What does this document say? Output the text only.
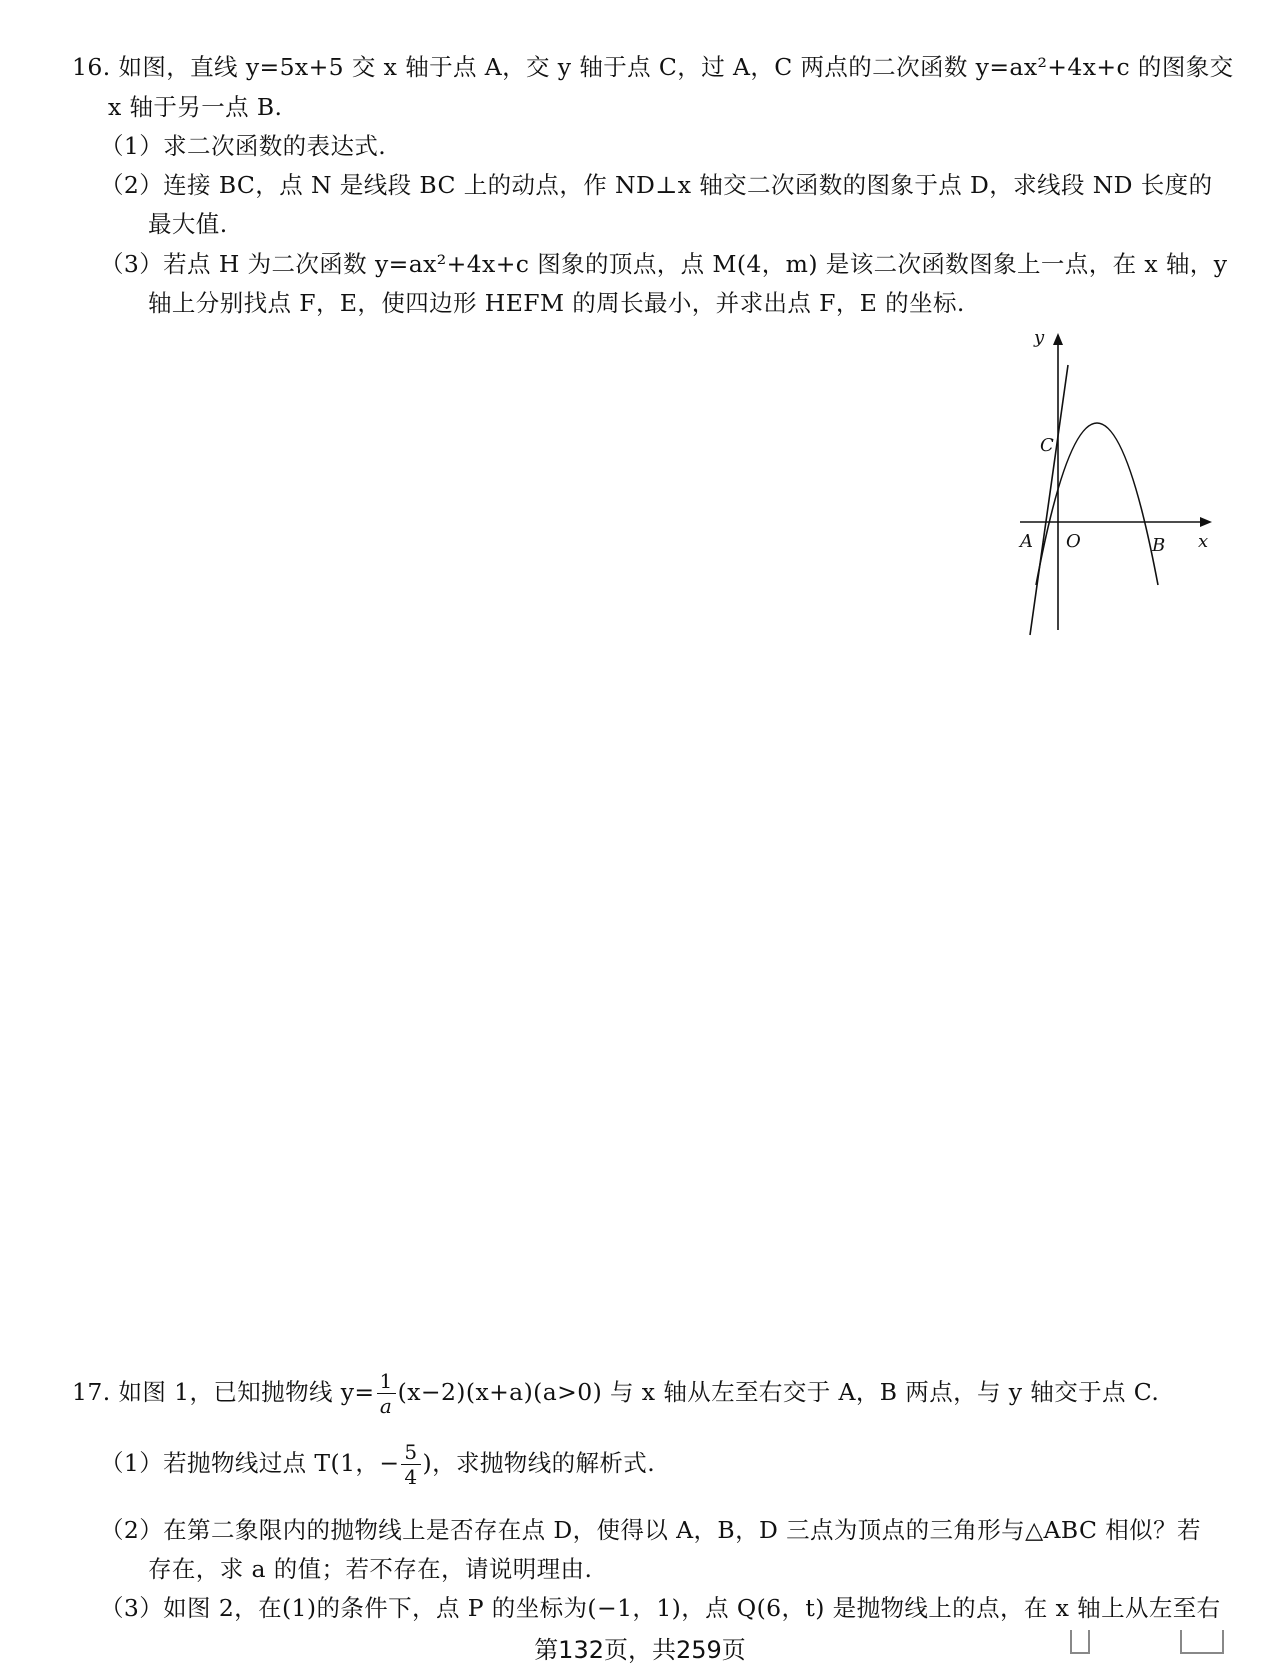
16. 如图，直线 y=5x+5 交 x 轴于点 A，交 y 轴于点 C，过 A，C 两点的二次函数 y=ax²+4x+c 的图象交
x 轴于另一点 B.
（1）求二次函数的表达式.
（2）连接 BC，点 N 是线段 BC 上的动点，作 ND⊥x 轴交二次函数的图象于点 D，求线段 ND 长度的
最大值.
（3）若点 H 为二次函数 y=ax²+4x+c 图象的顶点，点 M(4，m) 是该二次函数图象上一点，在 x 轴，y
轴上分别找点 F，E，使四边形 HEFM 的周长最小，并求出点 F，E 的坐标.
y
x
C
A O	B
17. 如图 1，已知抛物线 $y= \frac{1}{a} (x-2)(x+a)(a>0)$ 与 x 轴从左至右交于 A，B 两点，与 y 轴交于点 C.
（1）若抛物线过点 T(1，− $\frac{5}{4}$ )，求抛物线的解析式.
（2）在第二象限内的抛物线上是否存在点 D，使得以 A，B，D 三点为顶点的三角形与△ABC 相似？若
存在，求 a 的值；若不存在，请说明理由.
（3）如图 2，在(1)的条件下，点 P 的坐标为(−1，1)，点 Q(6，t) 是抛物线上的点，在 x 轴上从左至右
第132页，共259页
